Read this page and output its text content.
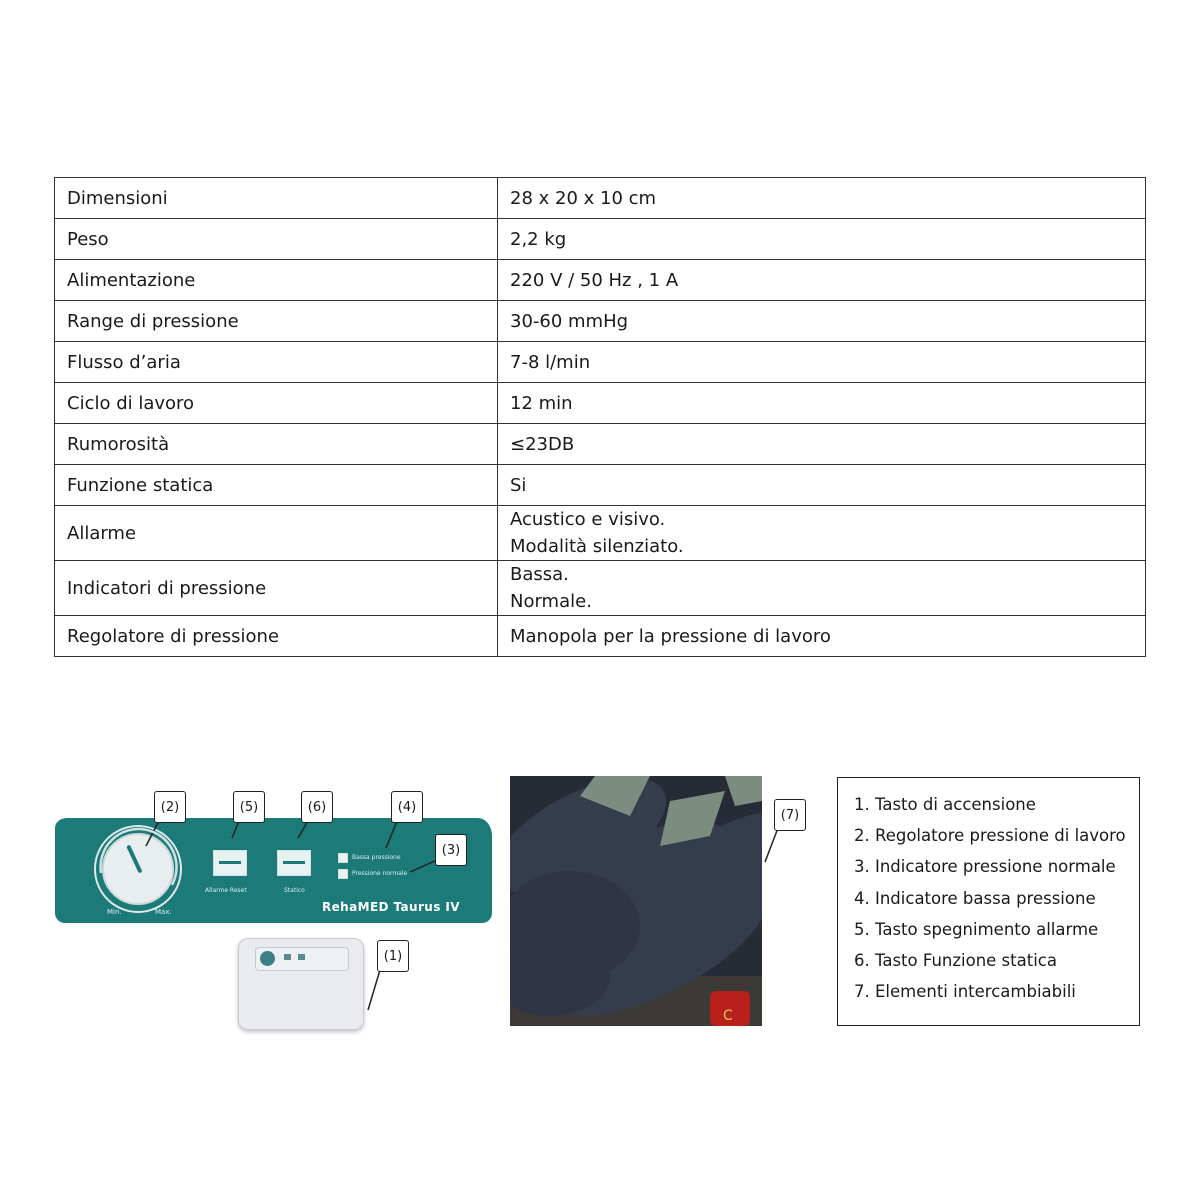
Dimensioni	28 x 20 x 10 cm
Peso	2,2 kg
Alimentazione	220 V / 50 Hz , 1 A
Range di pressione	30-60 mmHg
Flusso d’aria	7-8 l/min
Ciclo di lavoro	12 min
Rumorosità	≤23DB
Funzione statica	Si
Allarme	Acustico e visivo.
Modalità silenziato.

Indicatori di pressione	Bassa.
Normale.

Regolatore di pressione	Manopola per la pressione di lavoro
Min.	Max.
Allarme Reset	Statico
Bassa pressione
Pressione normale
RehaMED Taurus IV
(2)	(5)	(6)	(4)
(3)
(1)
C
(7)
1. Tasto di accensione
2. Regolatore pressione di lavoro
3. Indicatore pressione normale
4. Indicatore bassa pressione
5. Tasto spegnimento allarme
6. Tasto Funzione statica
7. Elementi intercambiabili
